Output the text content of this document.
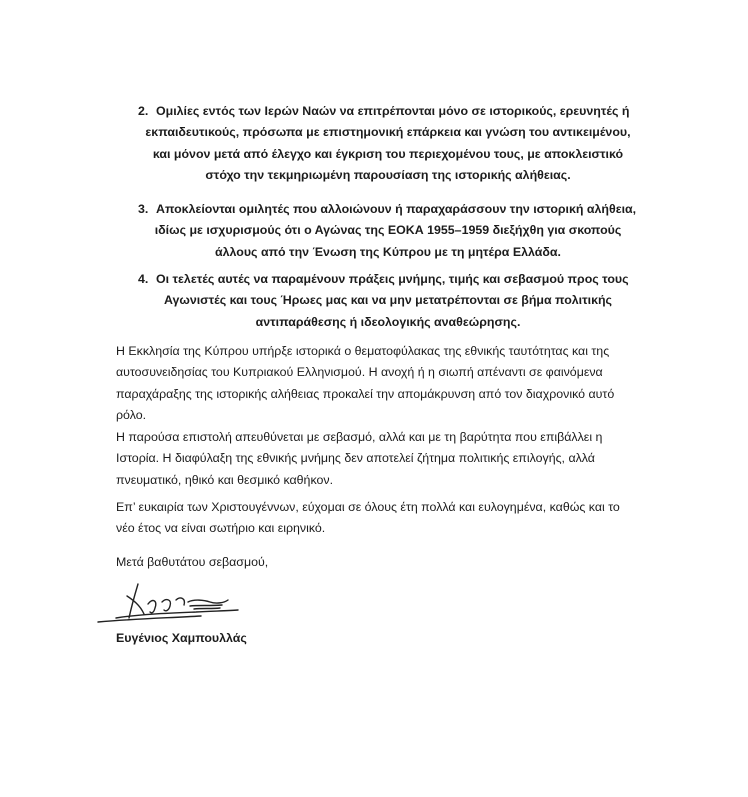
2. Ομιλίες εντός των Ιερών Ναών να επιτρέπονται μόνο σε ιστορικούς, ερευνητές ή
εκπαιδευτικούς, πρόσωπα με επιστημονική επάρκεια και γνώση του αντικειμένου,
και μόνον μετά από έλεγχο και έγκριση του περιεχομένου τους, με αποκλειστικό
στόχο την τεκμηριωμένη παρουσίαση της ιστορικής αλήθειας.
3. Αποκλείονται ομιλητές που αλλοιώνουν ή παραχαράσσουν την ιστορική αλήθεια,
ιδίως με ισχυρισμούς ότι ο Αγώνας της ΕΟΚΑ 1955–1959 διεξήχθη για σκοπούς
άλλους από την Ένωση της Κύπρου με τη μητέρα Ελλάδα.
4. Οι τελετές αυτές να παραμένουν πράξεις μνήμης, τιμής και σεβασμού προς τους
Αγωνιστές και τους Ήρωες μας και να μην μετατρέπονται σε βήμα πολιτικής
αντιπαράθεσης ή ιδεολογικής αναθεώρησης.
Η Εκκλησία της Κύπρου υπήρξε ιστορικά ο θεματοφύλακας της εθνικής ταυτότητας και της
αυτοσυνειδησίας του Κυπριακού Ελληνισμού. Η ανοχή ή η σιωπή απέναντι σε φαινόμενα
παραχάραξης της ιστορικής αλήθειας προκαλεί την απομάκρυνση από τον διαχρονικό αυτό
ρόλο.
Η παρούσα επιστολή απευθύνεται με σεβασμό, αλλά και με τη βαρύτητα που επιβάλλει η
Ιστορία. Η διαφύλαξη της εθνικής μνήμης δεν αποτελεί ζήτημα πολιτικής επιλογής, αλλά
πνευματικό, ηθικό και θεσμικό καθήκον.
Επ’ ευκαιρία των Χριστουγέννων, εύχομαι σε όλους έτη πολλά και ευλογημένα, καθώς και το
νέο έτος να είναι σωτήριο και ειρηνικό.
Μετά βαθυτάτου σεβασμού,
Ευγένιος Χαμπουλλάς
